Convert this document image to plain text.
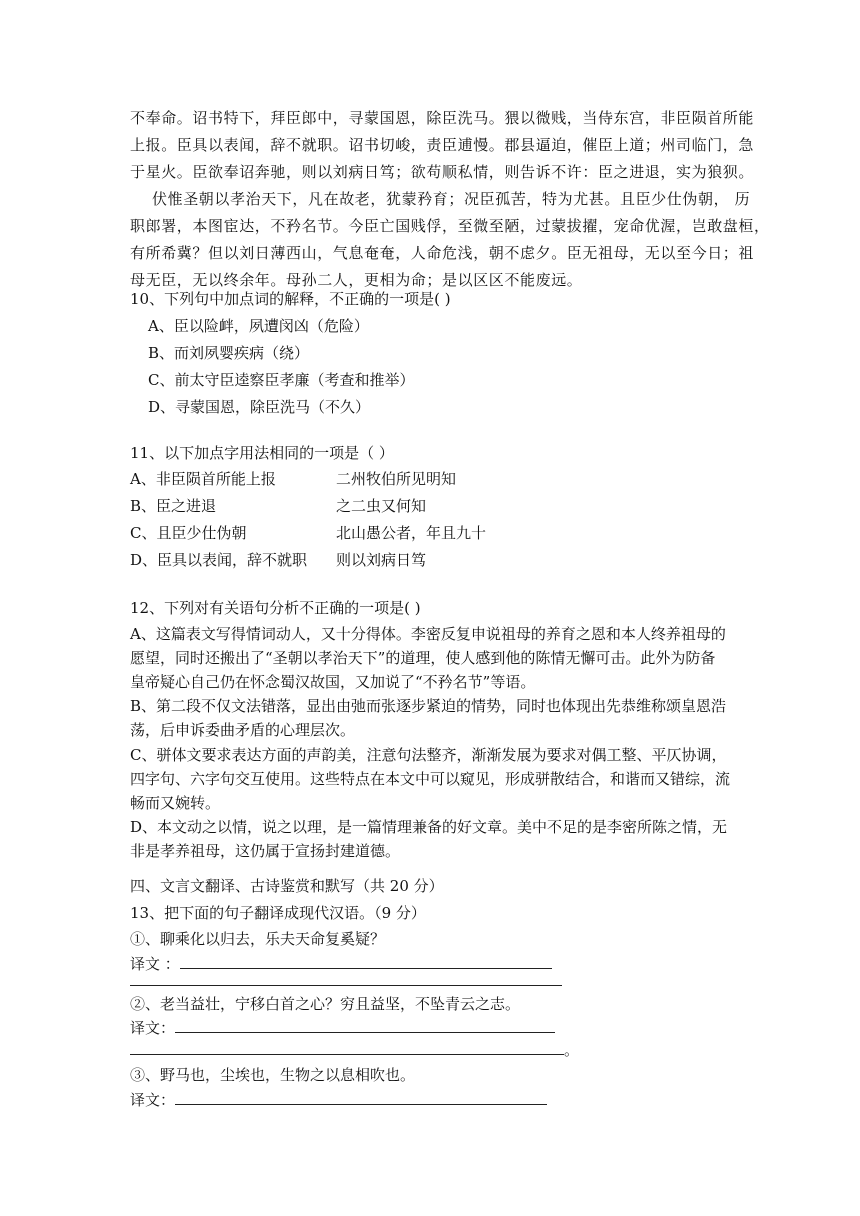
不奉命。诏书特下，拜臣郎中，寻蒙国恩，除臣洗马。猥以微贱，当侍东宫，非臣陨首所能
上报。臣具以表闻，辞不就职。诏书切峻，责臣逋慢。郡县逼迫，催臣上道；州司临门，急
于星火。臣欲奉诏奔驰，则以刘病日笃；欲苟顺私情，则告诉不许：臣之进退，实为狼狈。
伏惟圣朝以孝治天下，凡在故老，犹蒙矜育；况臣孤苦，特为尤甚。且臣少仕伪朝， 历
职郎署，本图宦达，不矜名节。今臣亡国贱俘，至微至陋，过蒙拔擢，宠命优渥，岂敢盘桓，
有所希冀？但以刘日薄西山，气息奄奄，人命危浅，朝不虑夕。臣无祖母，无以至今日；祖
母无臣，无以终余年。母孙二人，更相为命；是以区区不能废远。
10、下列句中加点词的解释，不正确的一项是( )
A、臣以险衅，夙遭闵凶（危险）
B、而刘夙婴疾病（绕）
C、前太守臣逵察臣孝廉（考查和推举）
D、寻蒙国恩，除臣洗马（不久）
11、以下加点字用法相同的一项是（ ）
A、非臣陨首所能上报	二州牧伯所见明知
B、臣之进退	之二虫又何知
C、且臣少仕伪朝	北山愚公者，年且九十
D、臣具以表闻，辞不就职 则以刘病日笃
12、下列对有关语句分析不正确的一项是( )
A、这篇表文写得情词动人，又十分得体。李密反复申说祖母的养育之恩和本人终养祖母的
愿望，同时还搬出了“圣朝以孝治天下”的道理，使人感到他的陈情无懈可击。此外为防备
皇帝疑心自己仍在怀念蜀汉故国，又加说了“不矜名节”等语。
B、第二段不仅文法错落，显出由弛而张逐步紧迫的情势，同时也体现出先恭维称颂皇恩浩
荡，后申诉委曲矛盾的心理层次。
C、骈体文要求表达方面的声韵美，注意句法整齐，渐渐发展为要求对偶工整、平仄协调，
四字句、六字句交互使用。这些特点在本文中可以窥见，形成骈散结合，和谐而又错综，流
畅而又婉转。
D、本文动之以情，说之以理，是一篇情理兼备的好文章。美中不足的是李密所陈之情，无
非是孝养祖母，这仍属于宣扬封建道德。
四、文言文翻译、古诗鉴赏和默写（共 20 分）
13、把下面的句子翻译成现代汉语。（9 分）
①、聊乘化以归去，乐夫天命复奚疑？
译文 ：
②、老当益壮，宁移白首之心？穷且益坚，不坠青云之志。
译文：
。
③、野马也，尘埃也，生物之以息相吹也。
译文：
